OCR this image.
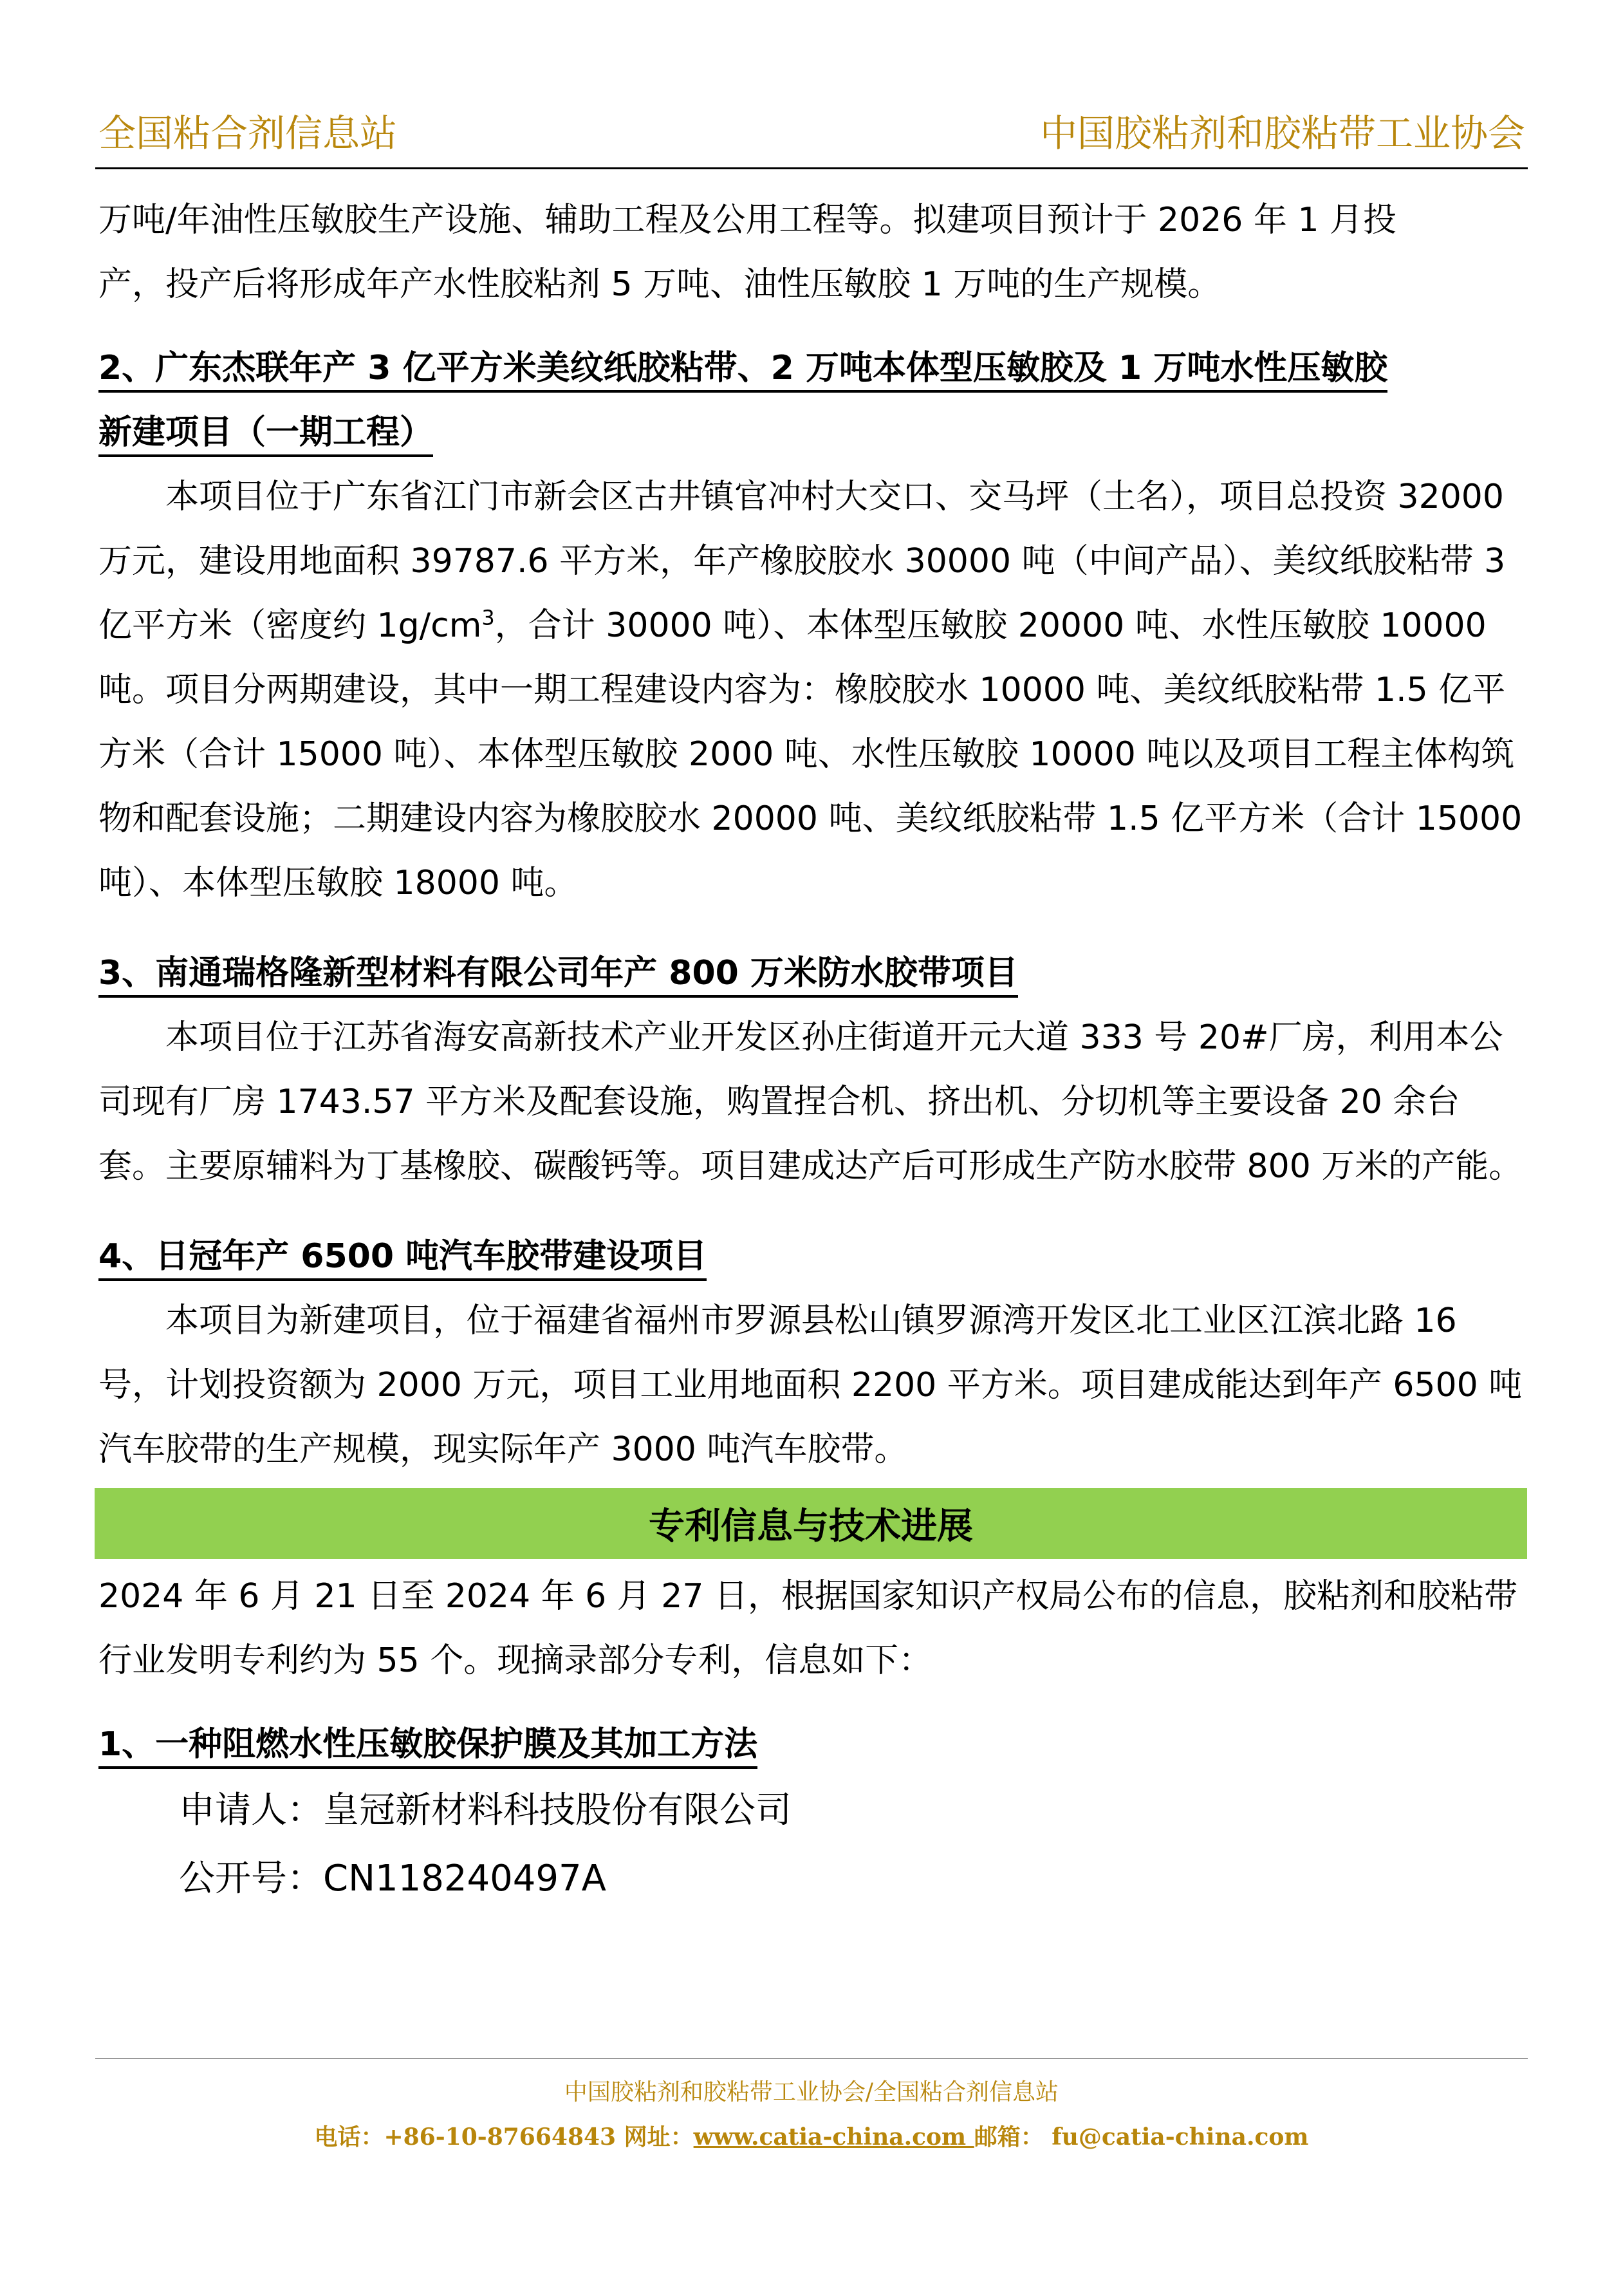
全国粘合剂信息站	中国胶粘剂和胶粘带工业协会

万吨/年油性压敏胶生产设施、辅助工程及公用工程等。拟建项目预计于 2026 年 1 月投

产，投产后将形成年产水性胶粘剂 5 万吨、油性压敏胶 1 万吨的生产规模。

2、广东杰联年产 3 亿平方米美纹纸胶粘带、2 万吨本体型压敏胶及 1 万吨水性压敏胶

新建项目（一期工程）

本项目位于广东省江门市新会区古井镇官冲村大交口、交马坪（土名），项目总投资 32000 万元，建设用地面积 39787.6 平方米，年产橡胶胶水 30000 吨（中间产品）、美纹纸胶粘带 3 亿平方米（密度约 $1g/cm^3$，合计 30000 吨）、本体型压敏胶 20000 吨、水性压敏胶 10000 吨。项目分两期建设，其中一期工程建设内容为：橡胶胶水 10000 吨、美纹纸胶粘带 1.5 亿平方米（合计 15000 吨）、本体型压敏胶 2000 吨、水性压敏胶 10000 吨以及项目工程主体构筑物和配套设施；二期建设内容为橡胶胶水 20000 吨、美纹纸胶粘带 1.5 亿平方米（合计 15000 吨）、本体型压敏胶 18000 吨。

3、南通瑞格隆新型材料有限公司年产 800 万米防水胶带项目

本项目位于江苏省海安高新技术产业开发区孙庄街道开元大道 333 号 20#厂房，利用本公司现有厂房 1743.57 平方米及配套设施，购置捏合机、挤出机、分切机等主要设备 20 余台套。主要原辅料为丁基橡胶、碳酸钙等。项目建成达产后可形成生产防水胶带 800 万米的产能。

4、日冠年产 6500 吨汽车胶带建设项目

本项目为新建项目，位于福建省福州市罗源县松山镇罗源湾开发区北工业区江滨北路 16 号，计划投资额为 2000 万元，项目工业用地面积 2200 平方米。项目建成能达到年产 6500 吨汽车胶带的生产规模，现实际年产 3000 吨汽车胶带。

专利信息与技术进展

2024 年 6 月 21 日至 2024 年 6 月 27 日，根据国家知识产权局公布的信息，胶粘剂和胶粘带行业发明专利约为 55 个。现摘录部分专利，信息如下：

1、一种阻燃水性压敏胶保护膜及其加工方法

申请人：皇冠新材料科技股份有限公司

公开号：CN118240497A

中国胶粘剂和胶粘带工业协会/全国粘合剂信息站
电话：+86-10-87664843 网址：www.catia-china.com 邮箱： fu@catia-china.com
